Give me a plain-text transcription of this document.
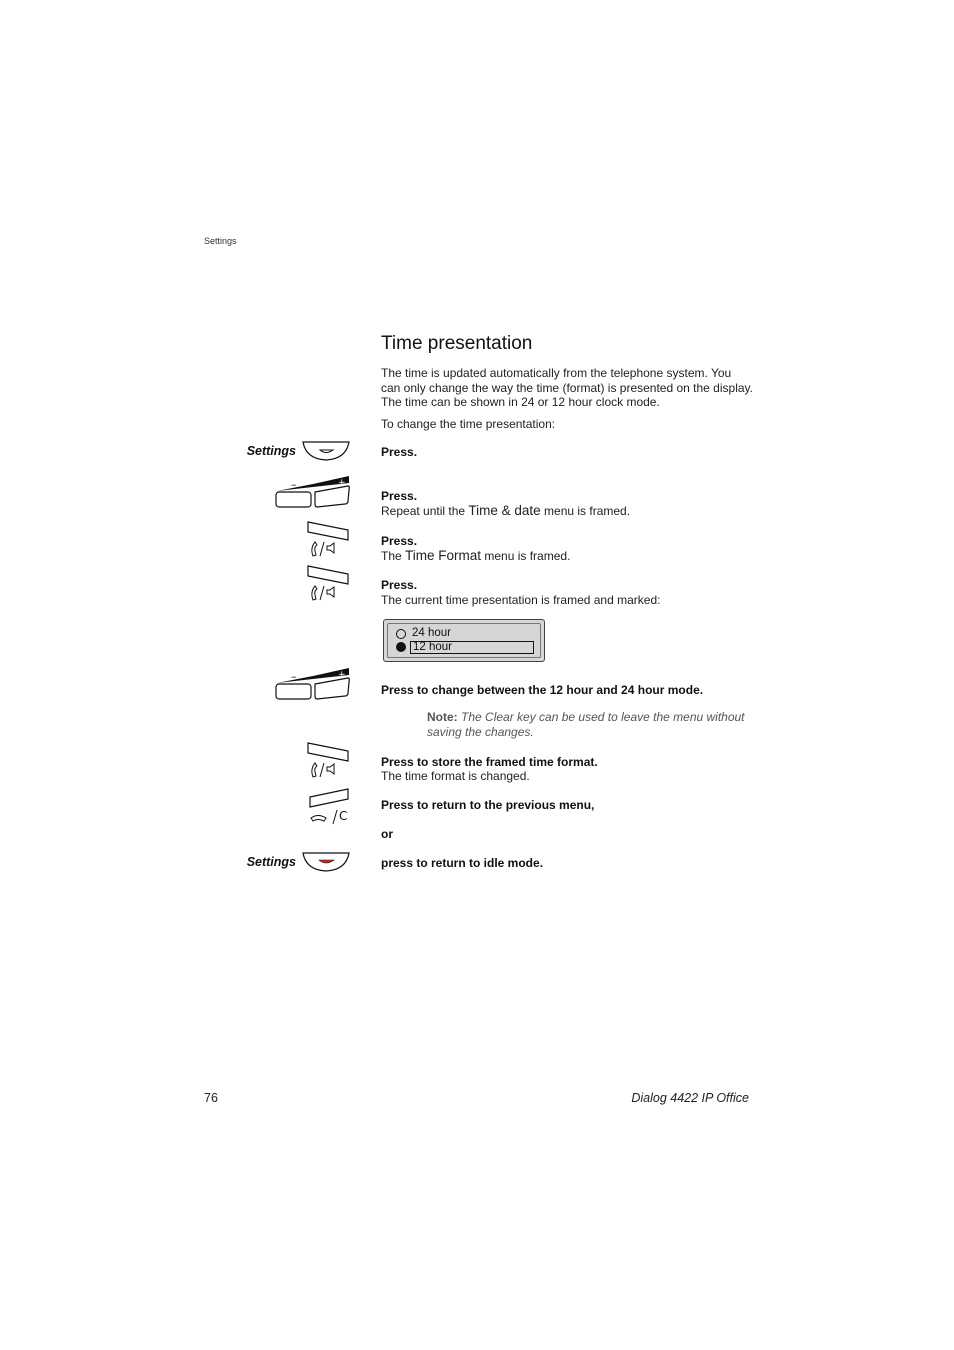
Settings
Time presentation
The time is updated automatically from the telephone system. You can only change the way the time (format) is presented on the display. The time can be shown in 24 or 12 hour clock mode.
To change the time presentation:
Settings	Press.
–	+
Press.
Repeat until the Time & date menu is framed.
Press.
The Time Format menu is framed.
Press.
The current time presentation is framed and marked:
24 hour
12 hour
–	+
Press to change between the 12 hour and 24 hour mode.
Note: The Clear key can be used to leave the menu without saving the changes.
Press to store the framed time format.
The time format is changed.
C
Press to return to the previous menu,
or
Settings	press to return to idle mode.
76	Dialog 4422 IP Office
